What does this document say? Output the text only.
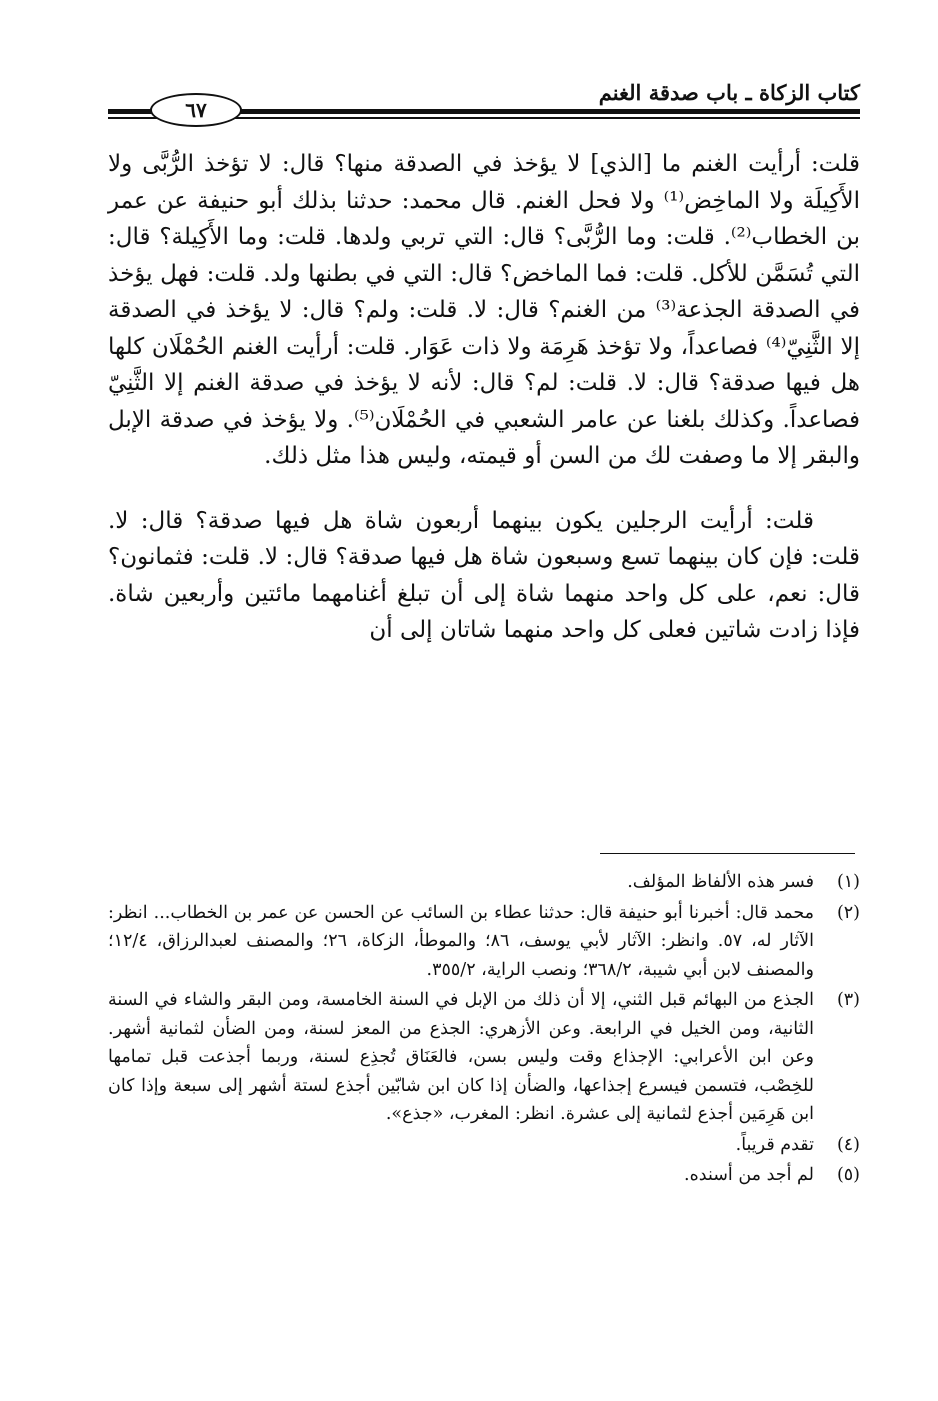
كتاب الزكاة ـ باب صدقة الغنم
٦٧

قلت: أرأيت الغنم ما [الذي] لا يؤخذ في الصدقة منها؟ قال: لا تؤخذ الرُّبَّى ولا الأَكِيلَة ولا الماخِض⁽¹⁾ ولا فحل الغنم. قال محمد: حدثنا بذلك أبو حنيفة عن عمر بن الخطاب⁽²⁾. قلت: وما الرُّبَّى؟ قال: التي تربي ولدها. قلت: وما الأَكِيلة؟ قال: التي تُسَمَّن للأكل. قلت: فما الماخض؟ قال: التي في بطنها ولد. قلت: فهل يؤخذ في الصدقة الجذعة⁽³⁾ من الغنم؟ قال: لا. قلت: ولم؟ قال: لا يؤخذ في الصدقة إلا الثَّنِيّ⁽⁴⁾ فصاعداً، ولا تؤخذ هَرِمَة ولا ذات عَوَار. قلت: أرأيت الغنم الحُمْلَان كلها هل فيها صدقة؟ قال: لا. قلت: لم؟ قال: لأنه لا يؤخذ في صدقة الغنم إلا الثَّنِيّ فصاعداً. وكذلك بلغنا عن عامر الشعبي في الحُمْلَان⁽⁵⁾. ولا يؤخذ في صدقة الإبل والبقر إلا ما وصفت لك من السن أو قيمته، وليس هذا مثل ذلك.

قلت: أرأيت الرجلين يكون بينهما أربعون شاة هل فيها صدقة؟ قال: لا. قلت: فإن كان بينهما تسع وسبعون شاة هل فيها صدقة؟ قال: لا. قلت: فثمانون؟ قال: نعم، على كل واحد منهما شاة إلى أن تبلغ أغنامهما مائتين وأربعين شاة. فإذا زادت شاتين فعلى كل واحد منهما شاتان إلى أن

(١)
فسر هذه الألفاظ المؤلف.
(٢)
محمد قال: أخبرنا أبو حنيفة قال: حدثنا عطاء بن السائب عن الحسن عن عمر بن الخطاب... انظر: الآثار له، ٥٧. وانظر: الآثار لأبي يوسف، ٨٦؛ والموطأ، الزكاة، ٢٦؛ والمصنف لعبدالرزاق، ١٢/٤؛ والمصنف لابن أبي شيبة، ٣٦٨/٢؛ ونصب الراية، ٣٥٥/٢.
(٣)
الجذع من البهائم قبل الثني، إلا أن ذلك من الإبل في السنة الخامسة، ومن البقر والشاء في السنة الثانية، ومن الخيل في الرابعة. وعن الأزهري: الجذع من المعز لسنة، ومن الضأن لثمانية أشهر. وعن ابن الأعرابي: الإجذاع وقت وليس بسن، فالعَنَاق تُجذِع لسنة، وربما أجذعت قبل تمامها للخِصْب، فتسمن فيسرع إجذاعها، والضأن إذا كان ابن شابّين أجذع لستة أشهر إلى سبعة وإذا كان ابن هَرِمَين أجذع لثمانية إلى عشرة. انظر: المغرب، «جذع».
(٤)
تقدم قريباً.
(٥)
لم أجد من أسنده.
